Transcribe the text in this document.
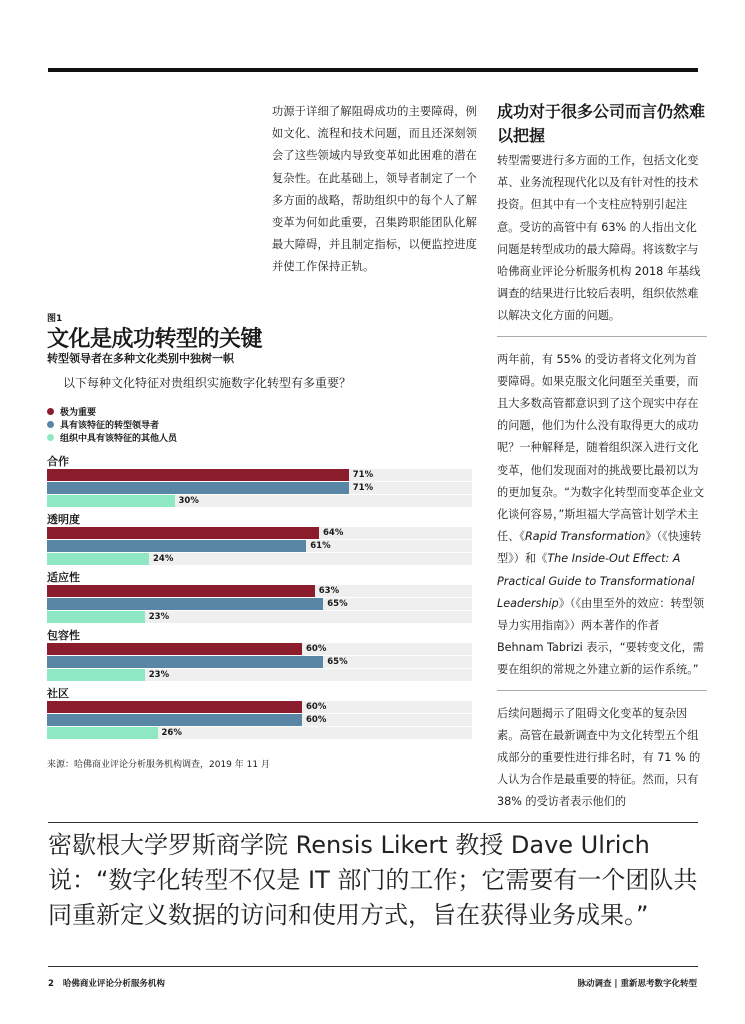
功源于详细了解阻碍成功的主要障碍，例如文化、流程和技术问题，而且还深刻领会了这些领域内导致变革如此困难的潜在复杂性。在此基础上，领导者制定了一个多方面的战略，帮助组织中的每个人了解变革为何如此重要，召集跨职能团队化解最大障碍，并且制定指标，以便监控进度并使工作保持正轨。
成功对于很多公司而言仍然难以把握

转型需要进行多方面的工作，包括文化变革、业务流程现代化以及有针对性的技术投资。但其中有一个支柱应特别引起注意。受访的高管中有 63% 的人指出文化问题是转型成功的最大障碍。将该数字与哈佛商业评论分析服务机构 2018 年基线调查的结果进行比较后表明，组织依然难以解决文化方面的问题。

两年前，有 55% 的受访者将文化列为首要障碍。如果克服文化问题至关重要，而且大多数高管都意识到了这个现实中存在的问题，他们为什么没有取得更大的成功呢？一种解释是，随着组织深入进行文化变革，他们发现面对的挑战要比最初以为的更加复杂。“为数字化转型而变革企业文化谈何容易，”斯坦福大学高管计划学术主任、《Rapid Transformation》（《快速转型》）和《The Inside-Out Effect: A Practical Guide to Transformational Leadership》（《由里至外的效应：转型领导力实用指南》）两本著作的作者 Behnam Tabrizi 表示，“要转变文化，需要在组织的常规之外建立新的运作系统。”

后续问题揭示了阻碍文化变革的复杂因素。高管在最新调查中为文化转型五个组成部分的重要性进行排名时，有 71 % 的人认为合作是最重要的特征。然而，只有 38% 的受访者表示他们的

图1
文化是成功转型的关键
转型领导者在多种文化类别中独树一帜
以下每种文化特征对贵组织实施数字化转型有多重要？
极为重要
具有该特征的转型领导者
组织中具有该特征的其他人员
合作
71%
71%
30%
透明度
64%
61%
24%
适应性
63%
65%
23%
包容性
60%
65%
23%
社区
60%
60%
26%
来源：哈佛商业评论分析服务机构调查，2019 年 11 月
密歇根大学罗斯商学院 Rensis Likert 教授 Dave Ulrich 说：“数字化转型不仅是 IT 部门的工作；它需要有一个团队共同重新定义数据的访问和使用方式，旨在获得业务成果。”
2 哈佛商业评论分析服务机构	脉动调查 | 重新思考数字化转型
